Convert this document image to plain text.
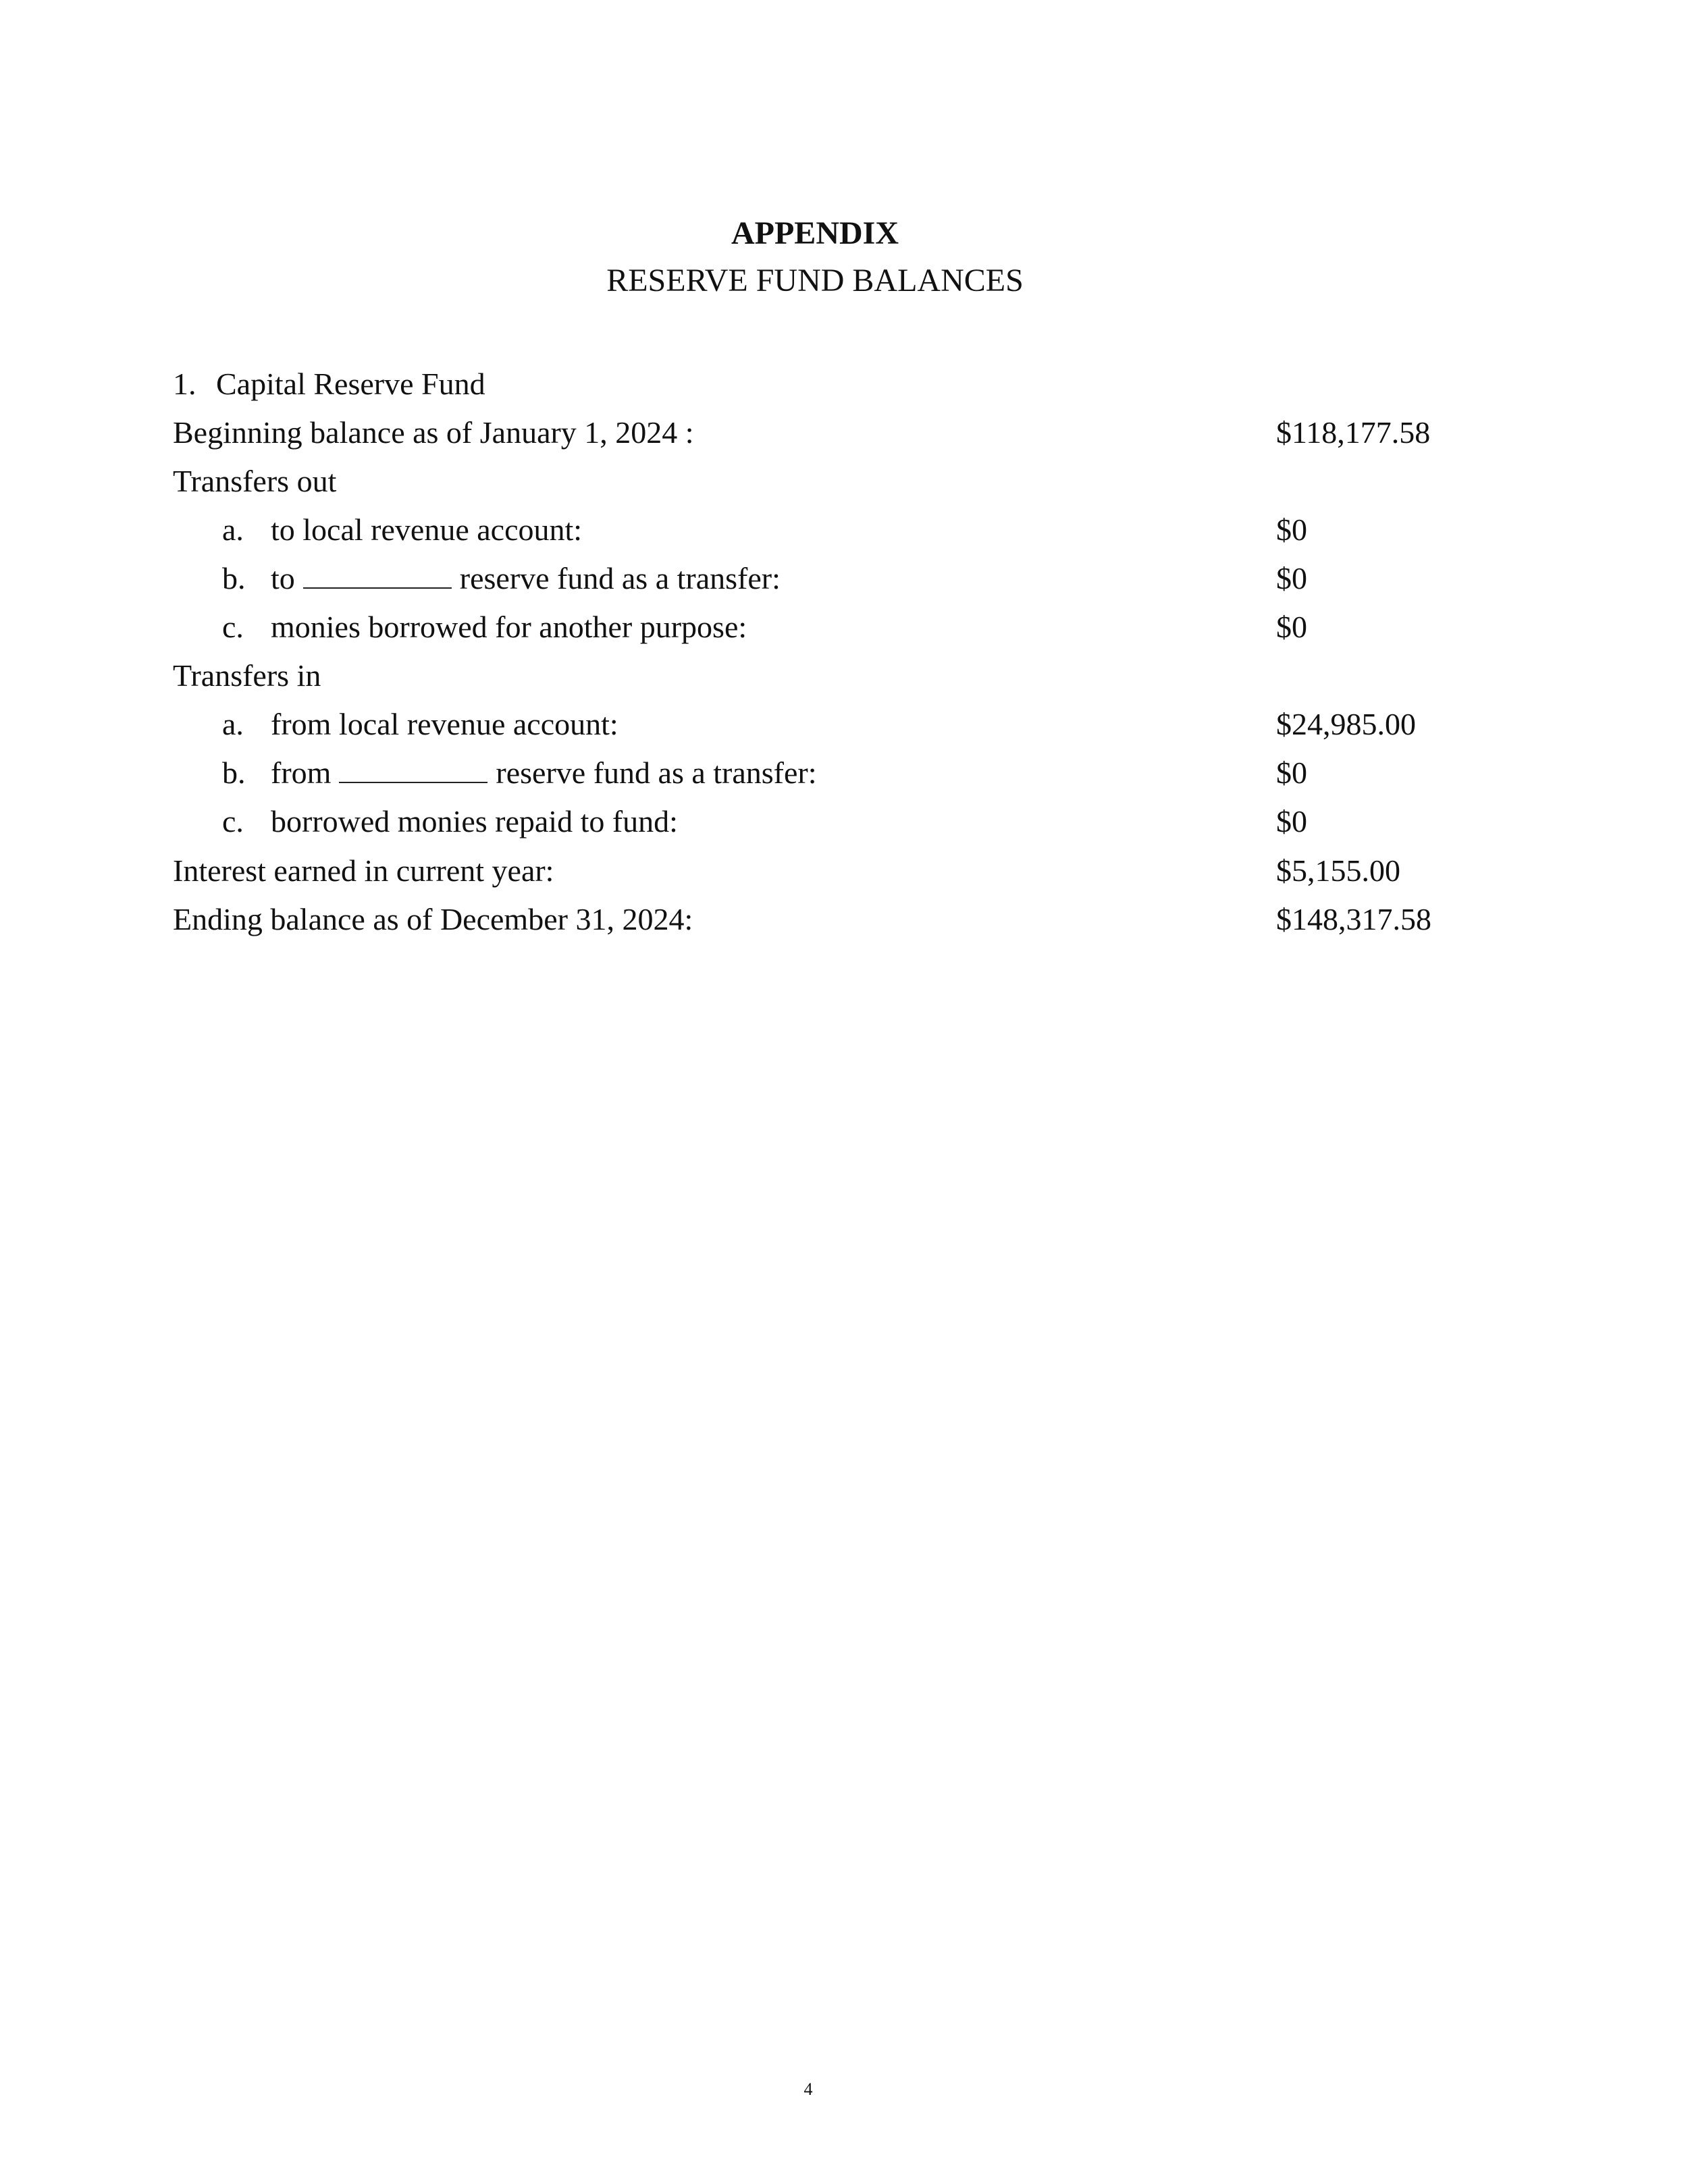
APPENDIX
RESERVE FUND BALANCES
1. Capital Reserve Fund
Beginning balance as of January 1, 2024 :	$118,177.58
Transfers out
a. to local revenue account:	$0
b. to	reserve fund as a transfer:	$0
c. monies borrowed for another purpose:	$0
Transfers in
a. from local revenue account:	$24,985.00
b. from	reserve fund as a transfer:	$0
c. borrowed monies repaid to fund:	$0
Interest earned in current year:	$5,155.00
Ending balance as of December 31, 2024:	$148,317.58
4
